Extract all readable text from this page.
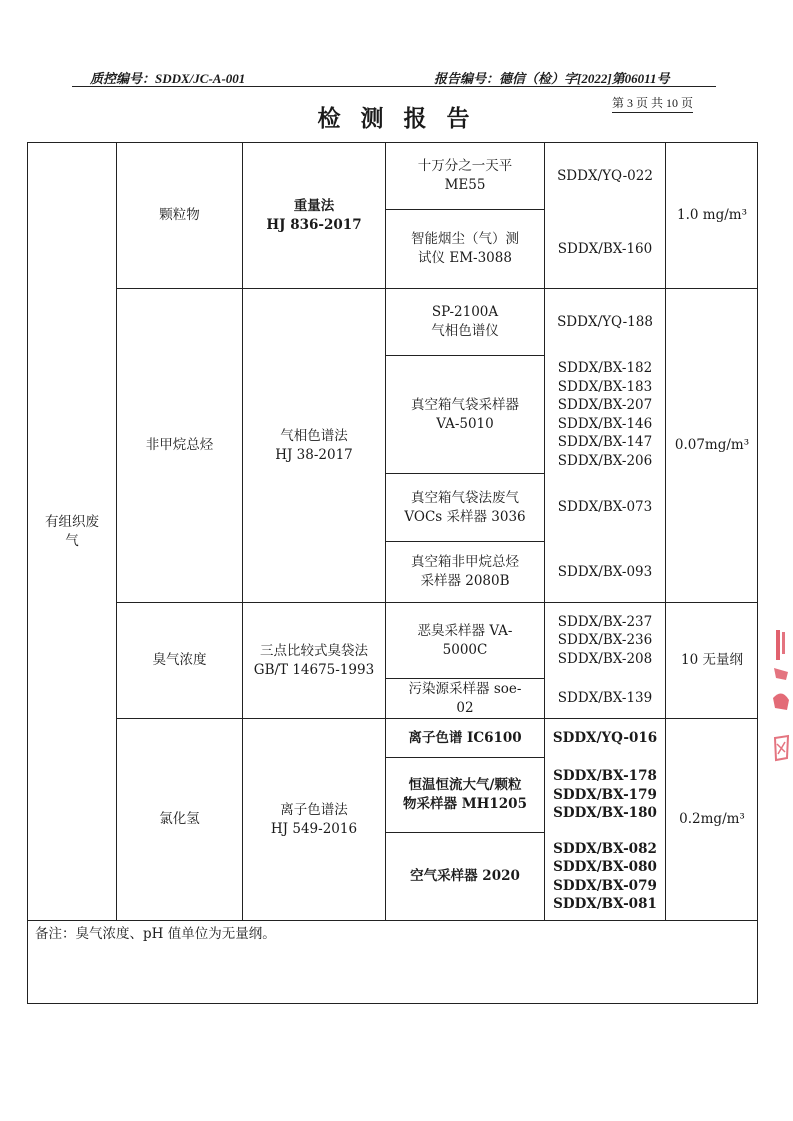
质控编号：SDDX/JC-A-001	报告编号：德信（检）字[2022]第06011号
检 测 报 告
第 3 页 共 10 页
有组织废
气
颗粒物
重量法
HJ 836-2017
十万分之一天平
ME55
SDDX/YQ-022
智能烟尘（气）测
试仪 EM-3088
SDDX/BX-160
1.0 mg/m³
非甲烷总烃
气相色谱法
HJ 38-2017
SP-2100A
气相色谱仪
SDDX/YQ-188
真空箱气袋采样器
VA-5010
SDDX/BX-182
SDDX/BX-183
SDDX/BX-207
SDDX/BX-146
SDDX/BX-147
SDDX/BX-206
真空箱气袋法废气
VOCs 采样器 3036
SDDX/BX-073
真空箱非甲烷总烃
采样器 2080B
SDDX/BX-093
0.07mg/m³
臭气浓度
三点比较式臭袋法
GB/T 14675-1993
恶臭采样器 VA-
5000C
SDDX/BX-237
SDDX/BX-236
SDDX/BX-208
污染源采样器 soe-
02
SDDX/BX-139
10 无量纲
氯化氢
离子色谱法
HJ 549-2016
离子色谱 IC6100 SDDX/YQ-016
恒温恒流大气/颗粒
物采样器 MH1205
SDDX/BX-178
SDDX/BX-179
SDDX/BX-180
空气采样器 2020
SDDX/BX-082
SDDX/BX-080
SDDX/BX-079
SDDX/BX-081
0.2mg/m³
备注：臭气浓度、pH 值单位为无量纲。
